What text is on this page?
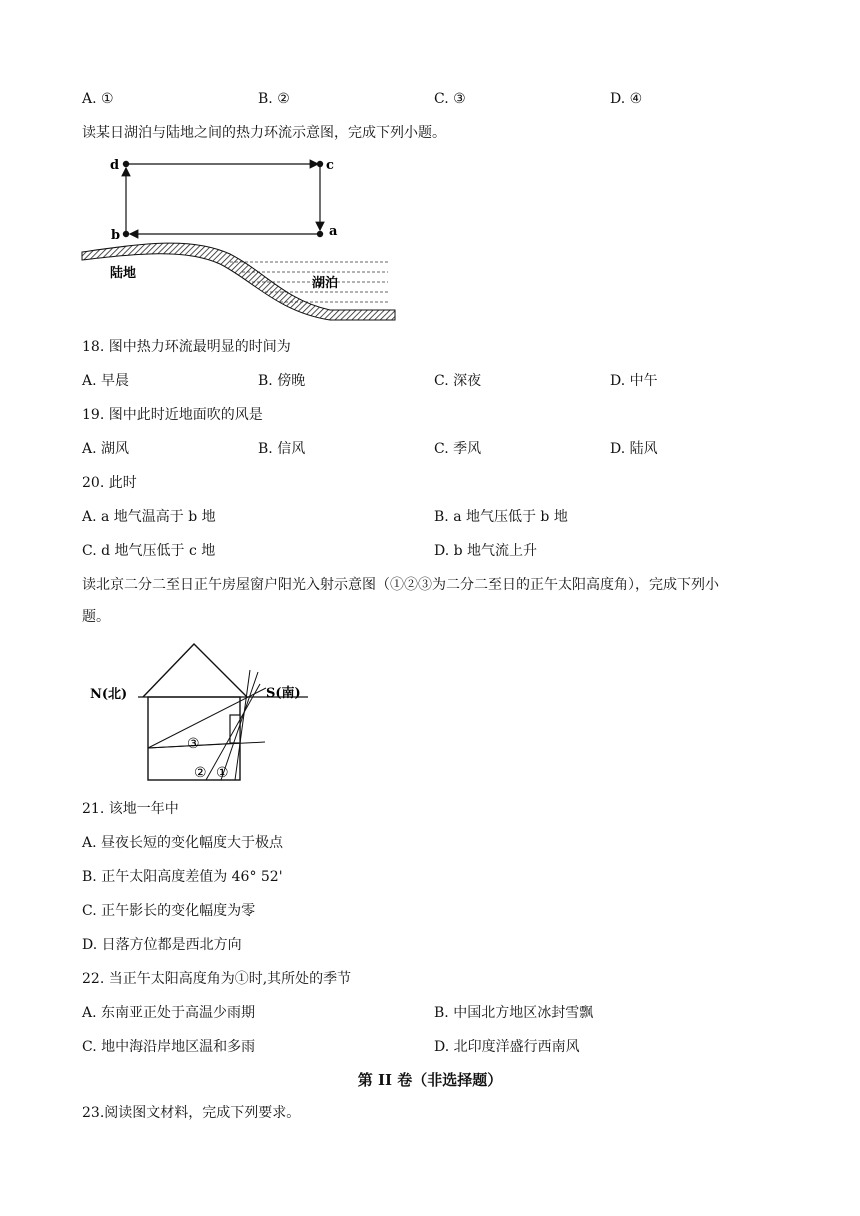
A. ①	B. ②	C. ③	D. ④
读某日湖泊与陆地之间的热力环流示意图，完成下列小题。
d	c
b	a
陆地
湖泊
18. 图中热力环流最明显的时间为
A. 早晨	B. 傍晚	C. 深夜	D. 中午
19. 图中此时近地面吹的风是
A. 湖风	B. 信风	C. 季风	D. 陆风
20. 此时
A. a 地气温高于 b 地	B. a 地气压低于 b 地
C. d 地气压低于 c 地	D. b 地气流上升
读北京二分二至日正午房屋窗户阳光入射示意图（①②③为二分二至日的正午太阳高度角），完成下列小
题。
③
② ①
N(北)	S(南)
21. 该地一年中
A. 昼夜长短的变化幅度大于极点
B. 正午太阳高度差值为 46° 52'
C. 正午影长的变化幅度为零
D. 日落方位都是西北方向
22. 当正午太阳高度角为①时,其所处的季节
A. 东南亚正处于高温少雨期	B. 中国北方地区冰封雪飘
C. 地中海沿岸地区温和多雨	D. 北印度洋盛行西南风
第 II 卷（非选择题）
23.阅读图文材料，完成下列要求。
